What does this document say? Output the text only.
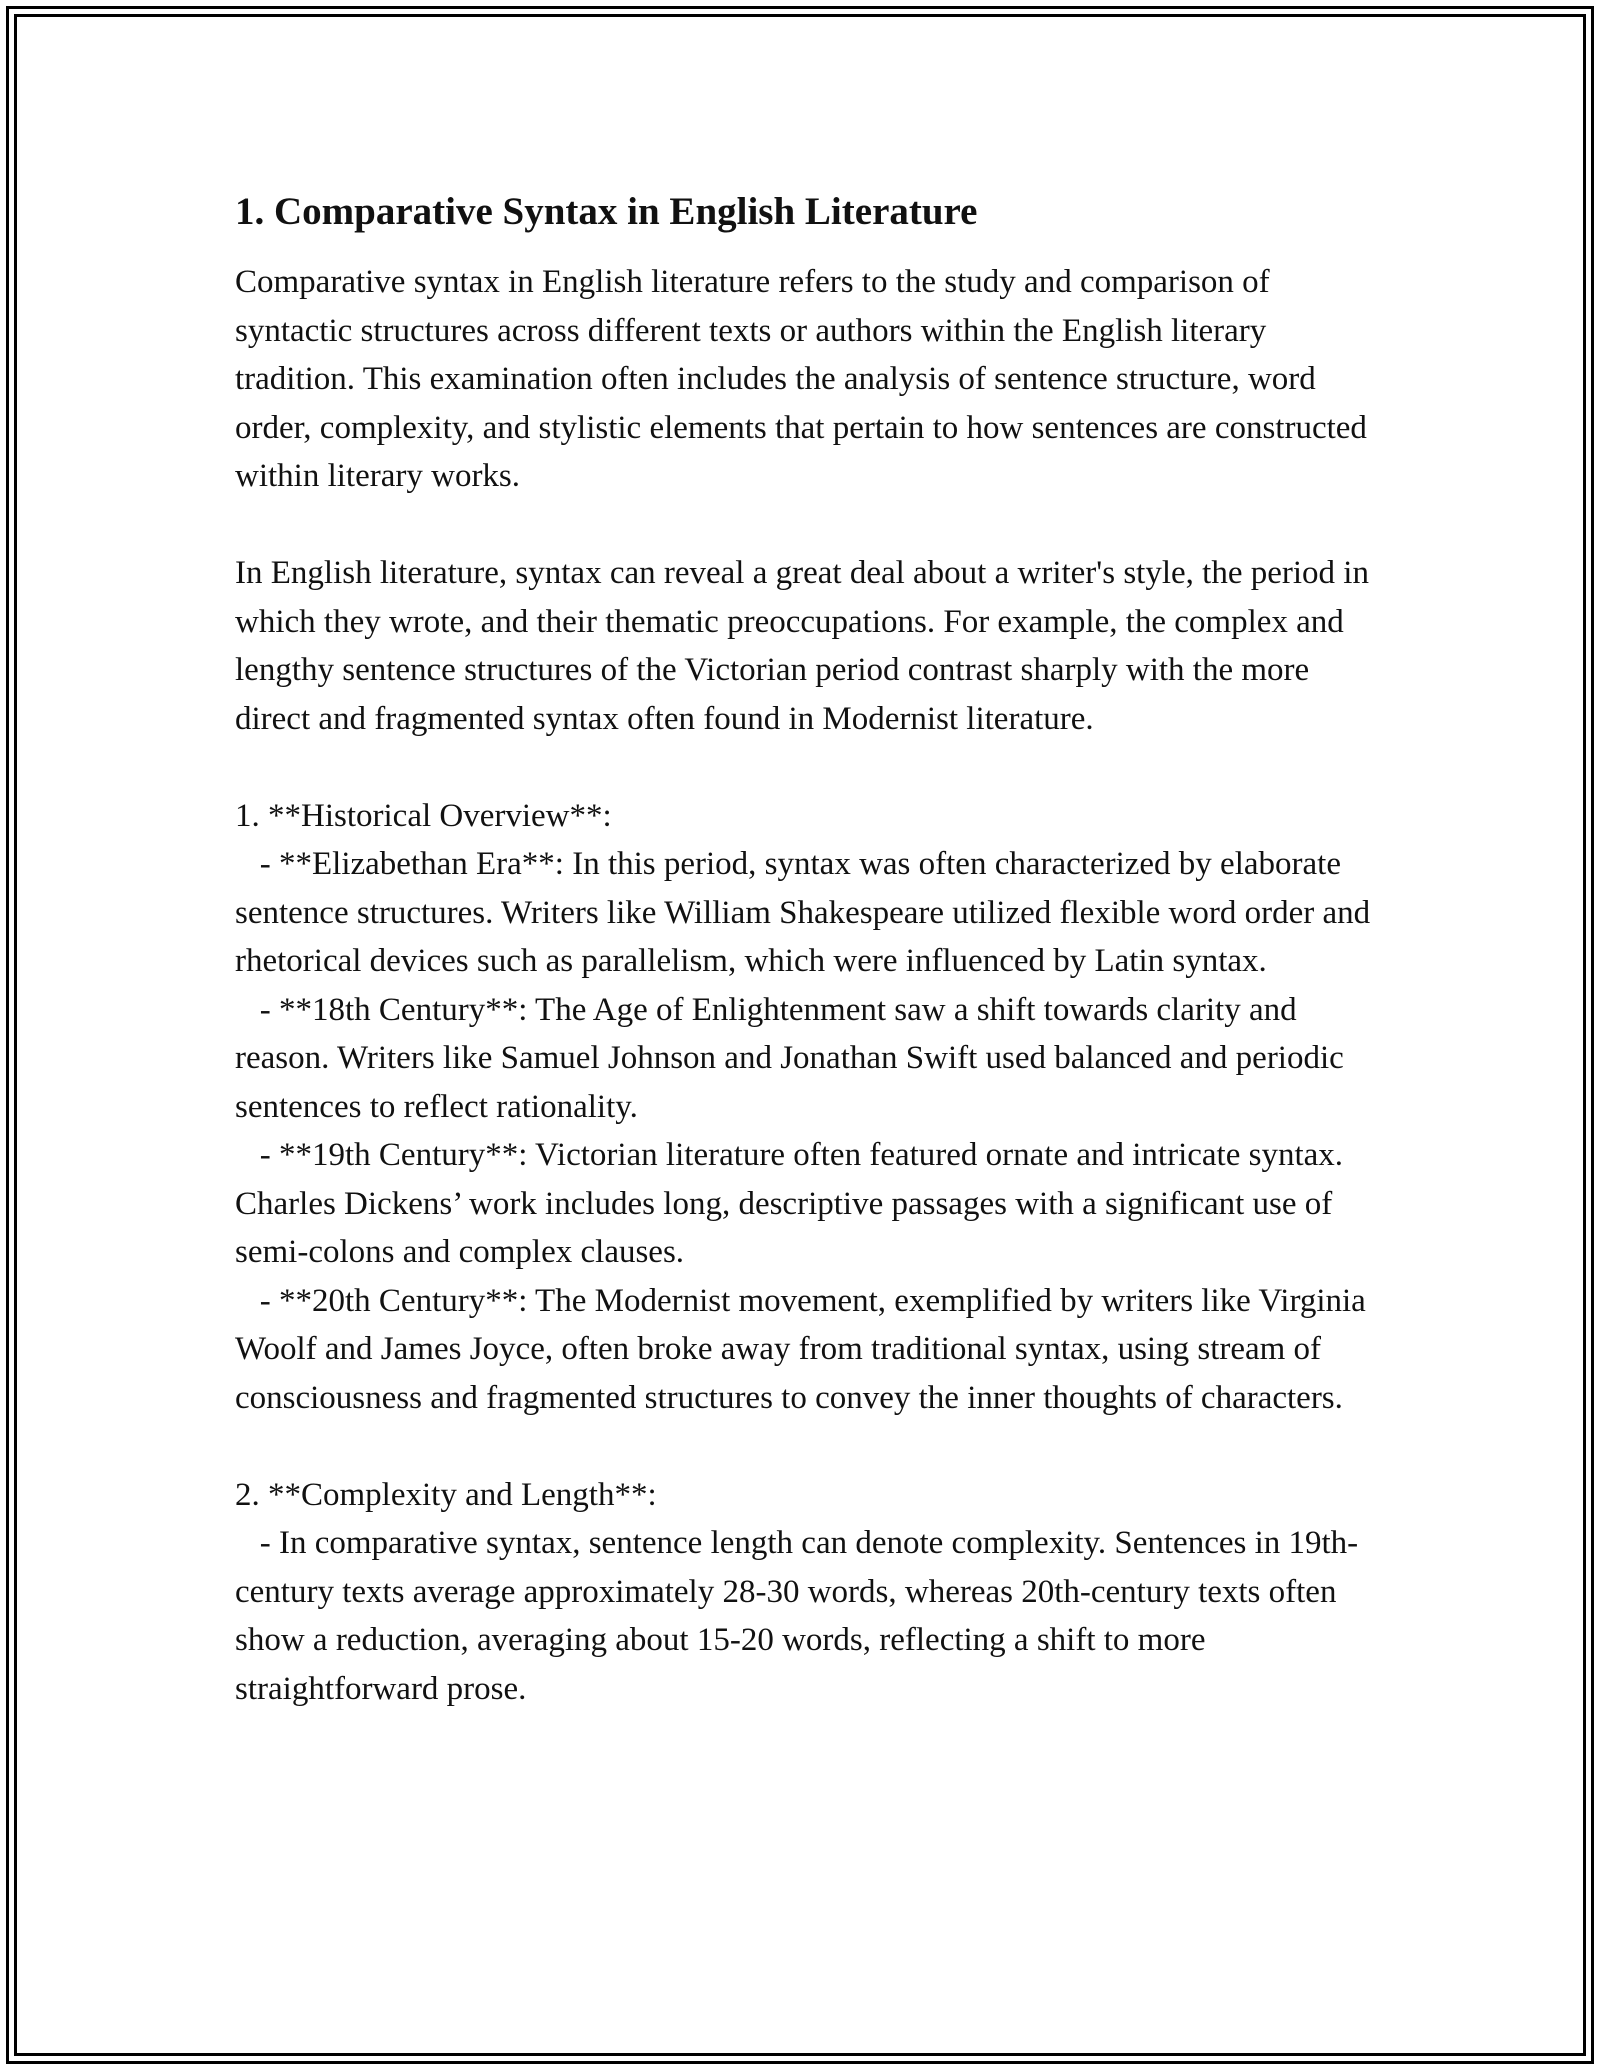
1. Comparative Syntax in English Literature

Comparative syntax in English literature refers to the study and comparison of syntactic structures across different texts or authors within the English literary tradition. This examination often includes the analysis of sentence structure, word order, complexity, and stylistic elements that pertain to how sentences are constructed within literary works.

In English literature, syntax can reveal a great deal about a writer's style, the period in which they wrote, and their thematic preoccupations. For example, the complex and lengthy sentence structures of the Victorian period contrast sharply with the more direct and fragmented syntax often found in Modernist literature.

1. **Historical Overview**:
- **Elizabethan Era**: In this period, syntax was often characterized by elaborate sentence structures. Writers like William Shakespeare utilized flexible word order and rhetorical devices such as parallelism, which were influenced by Latin syntax.
- **18th Century**: The Age of Enlightenment saw a shift towards clarity and reason. Writers like Samuel Johnson and Jonathan Swift used balanced and periodic sentences to reflect rationality.
- **19th Century**: Victorian literature often featured ornate and intricate syntax. Charles Dickens’ work includes long, descriptive passages with a significant use of semi-colons and complex clauses.
- **20th Century**: The Modernist movement, exemplified by writers like Virginia Woolf and James Joyce, often broke away from traditional syntax, using stream of consciousness and fragmented structures to convey the inner thoughts of characters.

2. **Complexity and Length**:
- In comparative syntax, sentence length can denote complexity. Sentences in 19th-century texts average approximately 28-30 words, whereas 20th-century texts often show a reduction, averaging about 15-20 words, reflecting a shift to more straightforward prose.
